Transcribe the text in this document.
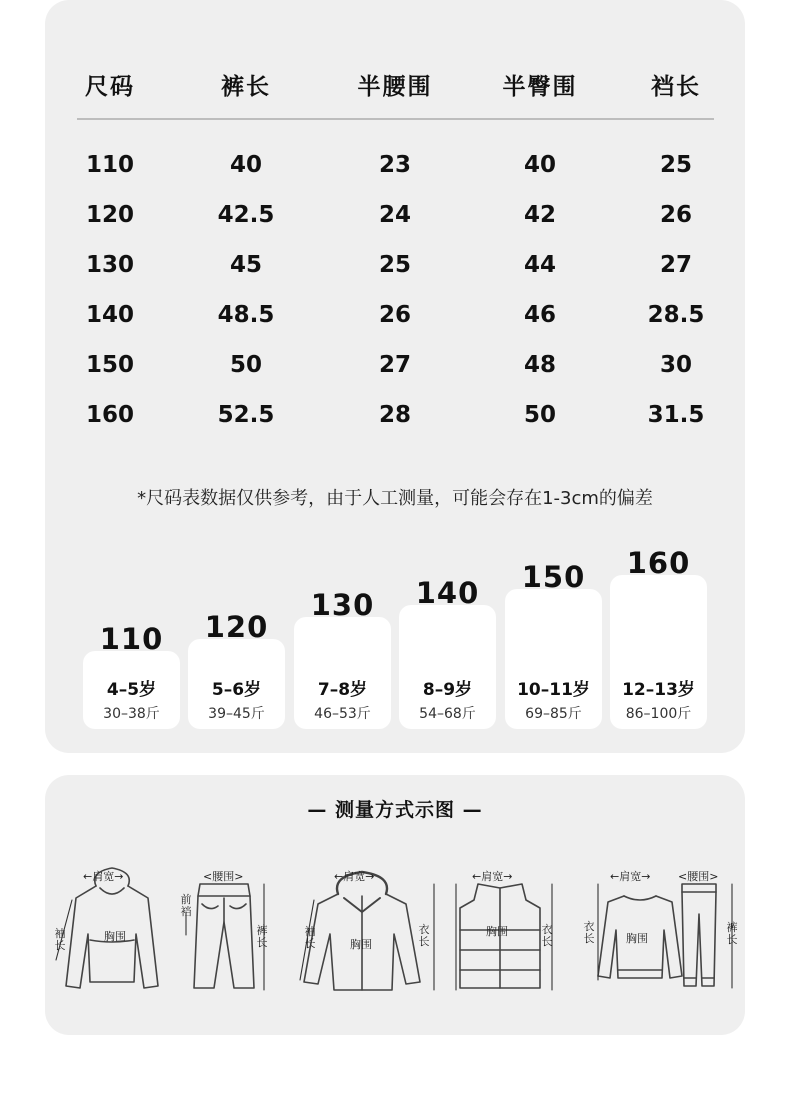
尺码	裤长	半腰围	半臀围	裆长
110	40	23	40	25
120	42.5	24	42	26
130	45	25	44	27
140	48.5	26	46	28.5
150	50	27	48	30
160	52.5	28	50	31.5
*尺码表数据仅供参考，由于人工测量，可能会存在1-3cm的偏差
110
4–5岁
30–38斤
120
5–6岁
39–45斤
130
7–8岁
46–53斤
140
8–9岁
54–68斤
150
10–11岁
69–85斤
160
12–13岁
86–100斤
— 测量方式示图 —
←肩宽→
胸围
袖长
<腰围>
前裆
裤长
←肩宽→
胸围
袖长
衣长
←肩宽→
胸围	衣长
←肩宽→
胸围
衣长
<腰围>
裤长
